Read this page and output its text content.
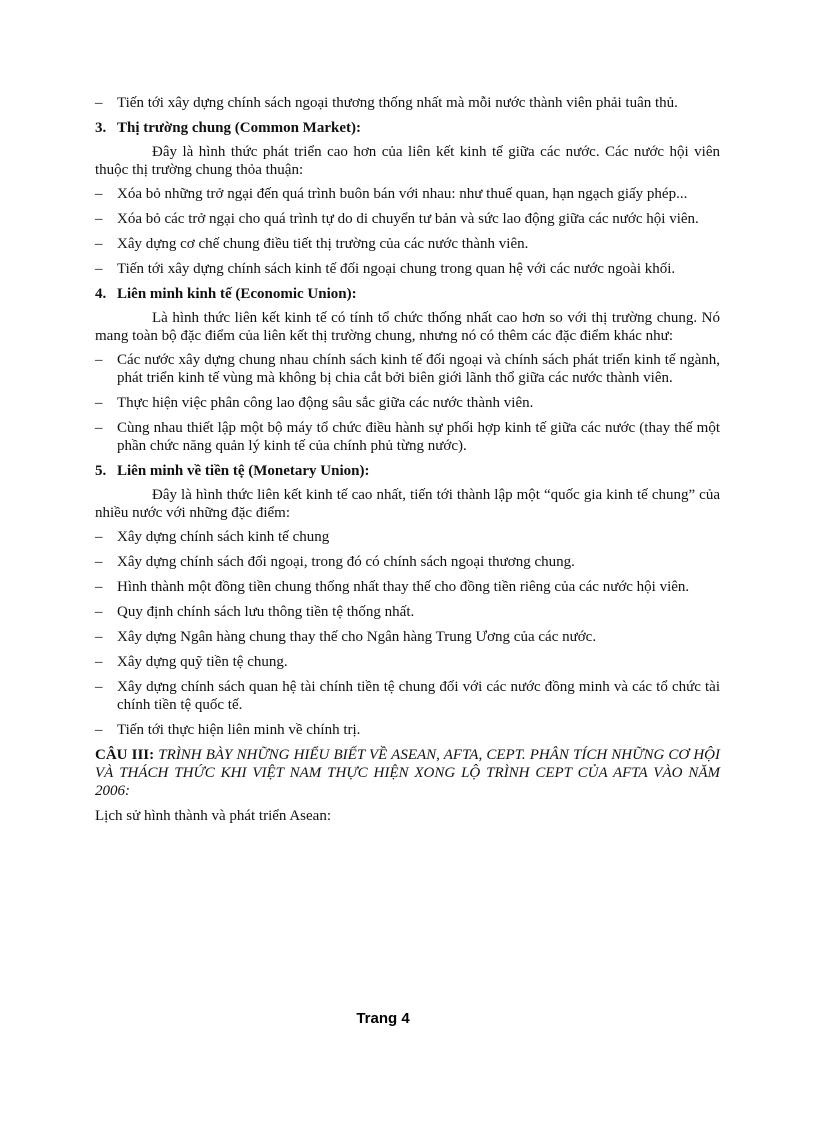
– Tiến tới xây dựng chính sách ngoại thương thống nhất mà mỗi nước thành viên phải tuân thủ.
3. Thị trường chung (Common Market):
Đây là hình thức phát triển cao hơn của liên kết kinh tế giữa các nước. Các nước hội viên thuộc thị trường chung thỏa thuận:
– Xóa bỏ những trở ngại đến quá trình buôn bán với nhau: như thuế quan, hạn ngạch giấy phép...
– Xóa bỏ các trở ngại cho quá trình tự do di chuyển tư bản và sức lao động giữa các nước hội viên.
– Xây dựng cơ chế chung điều tiết thị trường của các nước thành viên.
– Tiến tới xây dựng chính sách kinh tế đối ngoại chung trong quan hệ với các nước ngoài khối.
4. Liên minh kinh tế (Economic Union):
Là hình thức liên kết kinh tế có tính tổ chức thống nhất cao hơn so với thị trường chung. Nó mang toàn bộ đặc điểm của liên kết thị trường chung, nhưng nó có thêm các đặc điểm khác như:
– Các nước xây dựng chung nhau chính sách kinh tế đối ngoại và chính sách phát triển kinh tế ngành, phát triển kinh tế vùng mà không bị chia cắt bởi biên giới lãnh thổ giữa các nước thành viên.
– Thực hiện việc phân công lao động sâu sắc giữa các nước thành viên.
– Cùng nhau thiết lập một bộ máy tổ chức điều hành sự phối hợp kinh tế giữa các nước (thay thế một phần chức năng quản lý kinh tế của chính phủ từng nước).
5. Liên minh về tiền tệ (Monetary Union):
Đây là hình thức liên kết kinh tế cao nhất, tiến tới thành lập một “quốc gia kinh tế chung” của nhiều nước với những đặc điểm:
– Xây dựng chính sách kinh tế chung
– Xây dựng chính sách đối ngoại, trong đó có chính sách ngoại thương chung.
– Hình thành một đồng tiền chung thống nhất thay thế cho đồng tiền riêng của các nước hội viên.
– Quy định chính sách lưu thông tiền tệ thống nhất.
– Xây dựng Ngân hàng chung thay thế cho Ngân hàng Trung Ương của các nước.
– Xây dựng quỹ tiền tệ chung.
– Xây dựng chính sách quan hệ tài chính tiền tệ chung đối với các nước đồng minh và các tổ chức tài chính tiền tệ quốc tế.
– Tiến tới thực hiện liên minh về chính trị.
CÂU III: TRÌNH BÀY NHỮNG HIỂU BIẾT VỀ ASEAN, AFTA, CEPT. PHÂN TÍCH NHỮNG CƠ HỘI VÀ THÁCH THỨC KHI VIỆT NAM THỰC HIỆN XONG LỘ TRÌNH CEPT CỦA AFTA VÀO NĂM 2006:
Lịch sử hình thành và phát triển Asean:
Trang 4
